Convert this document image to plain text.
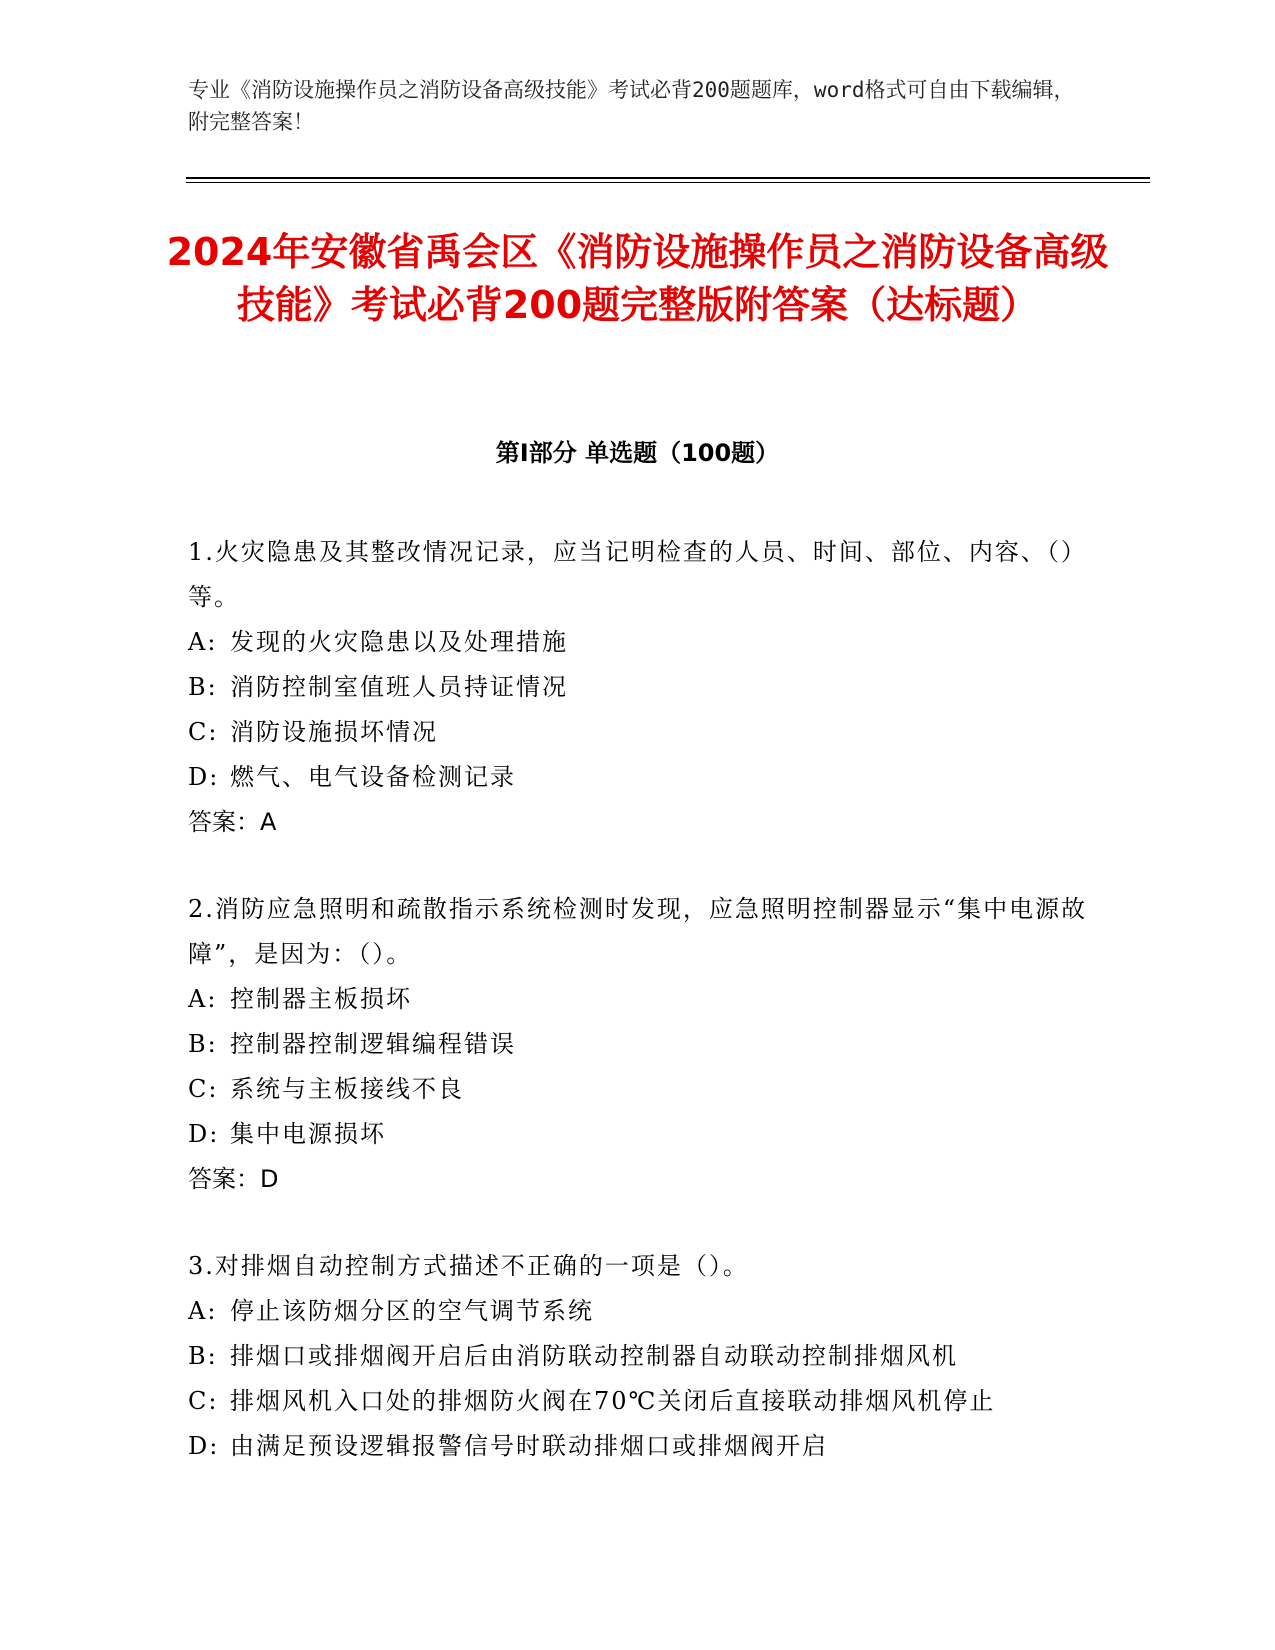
专业《消防设施操作员之消防设备高级技能》考试必背200题题库，word格式可自由下载编辑，附完整答案！
2024年安徽省禹会区《消防设施操作员之消防设备高级技能》考试必背200题完整版附答案（达标题）
第Ⅰ部分 单选题（100题）
1.火灾隐患及其整改情况记录，应当记明检查的人员、时间、部位、内容、（）等。
A: 发现的火灾隐患以及处理措施
B: 消防控制室值班人员持证情况
C: 消防设施损坏情况
D: 燃气、电气设备检测记录
答案：A
2.消防应急照明和疏散指示系统检测时发现，应急照明控制器显示“集中电源故障”，是因为：（）。
A: 控制器主板损坏
B: 控制器控制逻辑编程错误
C: 系统与主板接线不良
D: 集中电源损坏
答案：D
3.对排烟自动控制方式描述不正确的一项是（）。
A: 停止该防烟分区的空气调节系统
B: 排烟口或排烟阀开启后由消防联动控制器自动联动控制排烟风机
C: 排烟风机入口处的排烟防火阀在70℃关闭后直接联动排烟风机停止
D: 由满足预设逻辑报警信号时联动排烟口或排烟阀开启
